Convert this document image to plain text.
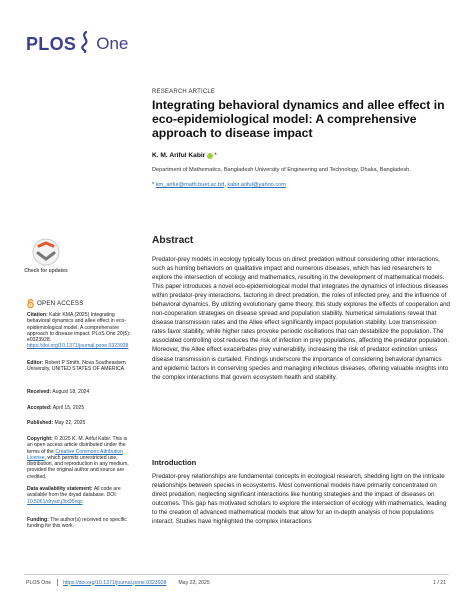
PLOS One
RESEARCH ARTICLE
Integrating behavioral dynamics and allee effect in eco-epidemiological model: A comprehensive approach to disease impact
K. M. Ariful Kabir *
Department of Mathematics, Bangladesh University of Engineering and Technology, Dhaka, Bangladesh.
* km_ariful@math.buet.ac.bd, kabir.ariful@yahoo.com
Check for updates
OPEN ACCESS
Citation: Kabir KMA (2025) Integrating behavioral dynamics and allee effect in eco-epidemiological model: A comprehensive approach to disease impact. PLoS One 20(5): e0323928. https://doi.org/10.1371/journal.pone.0323928
Editor: Robert P Smith, Nova Southeastern University, UNITED STATES OF AMERICA
Received: August 18, 2024
Accepted: April 15, 2025
Published: May 22, 2025
Copyright: © 2025 K. M. Ariful Kabir. This is an open access article distributed under the terms of the Creative Commons Attribution License, which permits unrestricted use, distribution, and reproduction in any medium, provided the original author and source are credited.
Data availability statement: All code are available from the dryad database. DOI: 10.5061/dryad.j3tx95xqs
Funding: The author(s) received no specific funding for this work.
Abstract

Predator-prey models in ecology typically focus on direct predation without considering other interactions, such as hunting behaviors on qualitative impact and numerous diseases, which has led researchers to explore the intersection of ecology and mathematics, resulting in the development of mathematical models. This paper introduces a novel eco-epidemiological model that integrates the dynamics of infectious diseases within predator-prey interactions, factoring in direct predation, the roles of infected prey, and the influence of behavioral dynamics. By utilizing evolutionary game theory, this study explores the effects of cooperation and non-cooperation strategies on disease spread and population stability. Numerical simulations reveal that disease transmission rates and the Allee effect significantly impact population stability. Low transmission rates favor stability, while higher rates provoke periodic oscillations that can destabilize the population. The associated controlling cost reduces the risk of infection in prey populations, affecting the predator population. Moreover, the Allee effect exacerbates prey vulnerability, increasing the risk of predator extinction unless disease transmission is curtailed. Findings underscore the importance of considering behavioral dynamics and epidemic factors in conserving species and managing infectious diseases, offering valuable insights into the complex interactions that govern ecosystem health and stability.

Introduction

Predator-prey relationships are fundamental concepts in ecological research, shedding light on the intricate relationships between species in ecosystems. Most conventional models have primarily concentrated on direct predation, neglecting significant interactions like hunting strategies and the impact of diseases on outcomes. This gap has motivated scholars to explore the intersection of ecology with mathematics, leading to the creation of advanced mathematical models that allow for an in-depth analysis of how populations interact. Studies have highlighted the complex interactions

PLOS One https://doi.org/10.1371/journal.pone.0323928 May 22, 2025	1 / 21
